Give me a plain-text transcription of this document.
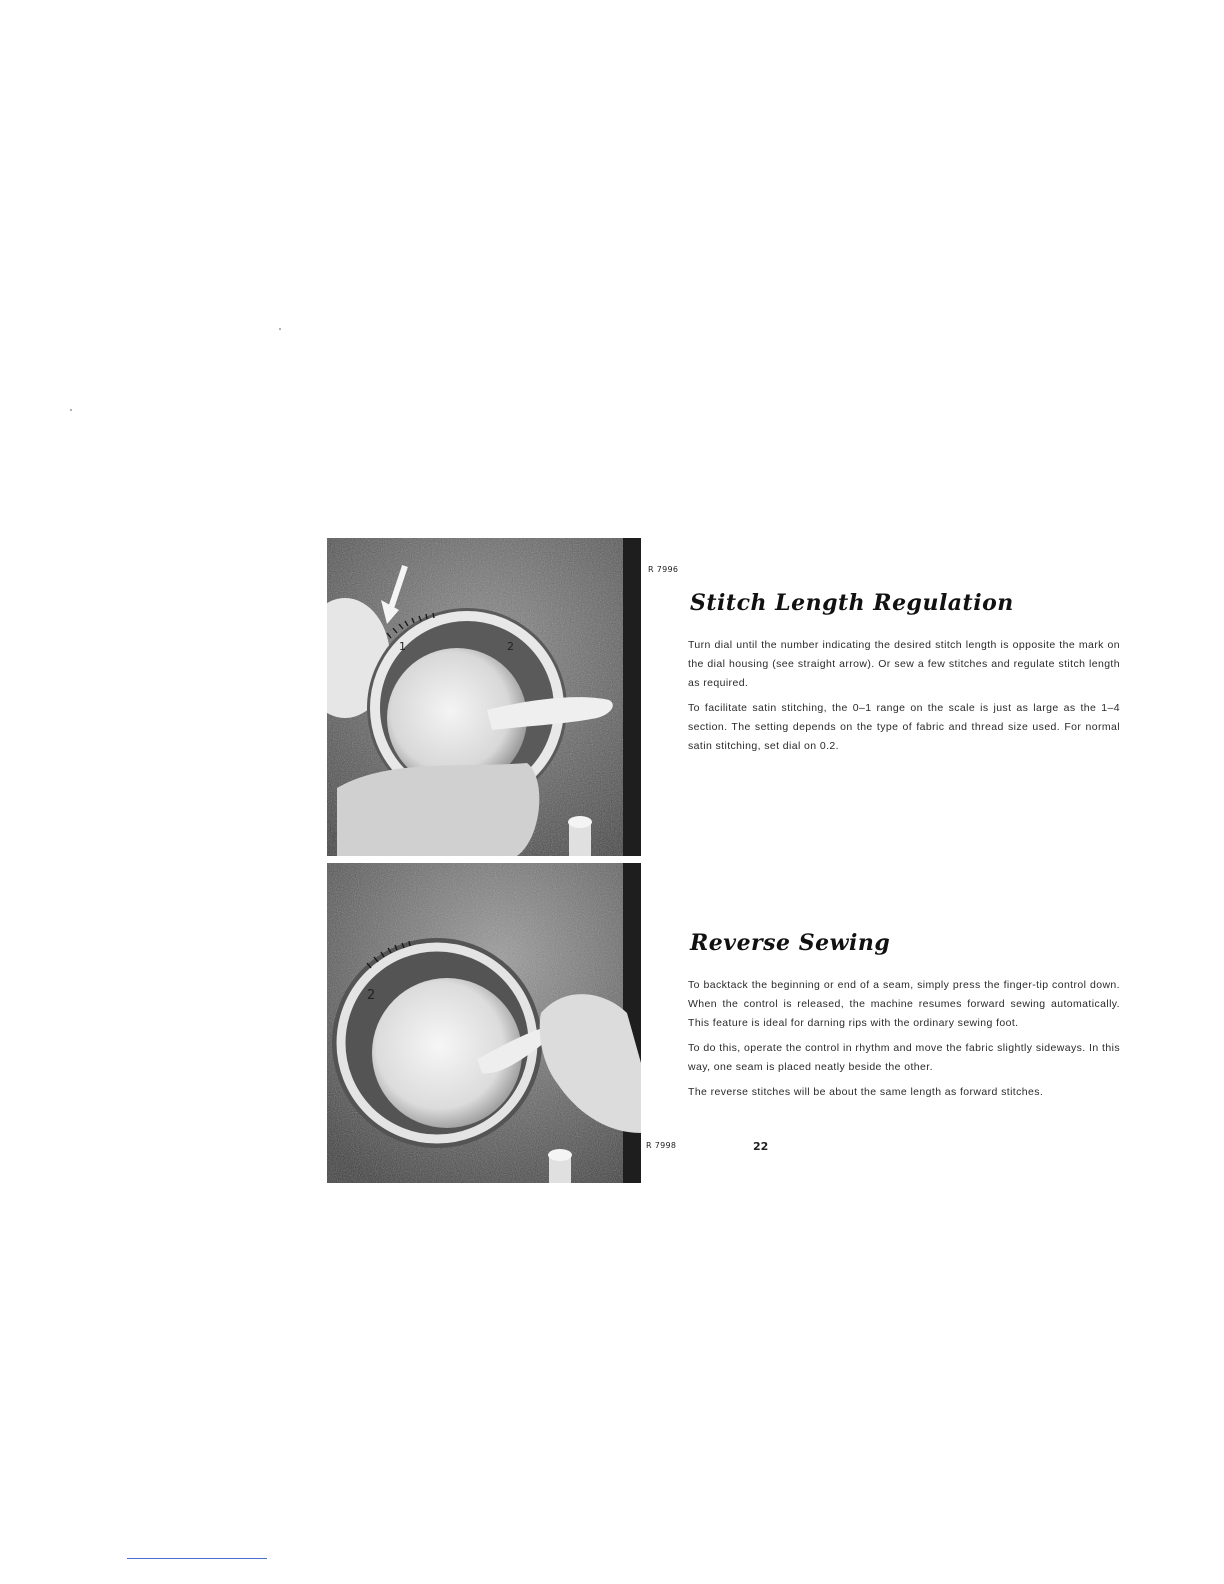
1	2
R 7996
Stitch Length Regulation

Turn dial until the number indicating the desired stitch length is opposite the mark on the dial housing (see straight arrow). Or sew a few stitches and regulate stitch length as required.

To facilitate satin stitching, the 0–1 range on the scale is just as large as the 1–4 section. The setting depends on the type of fabric and thread size used. For normal satin stitching, set dial on 0.2.

2
R 7998
Reverse Sewing

To backtack the beginning or end of a seam, simply press the finger-tip control down. When the control is released, the machine resumes forward sewing automatically. This feature is ideal for darning rips with the ordinary sewing foot.

To do this, operate the control in rhythm and move the fabric slightly sideways. In this way, one seam is placed neatly beside the other.

The reverse stitches will be about the same length as forward stitches.

22
